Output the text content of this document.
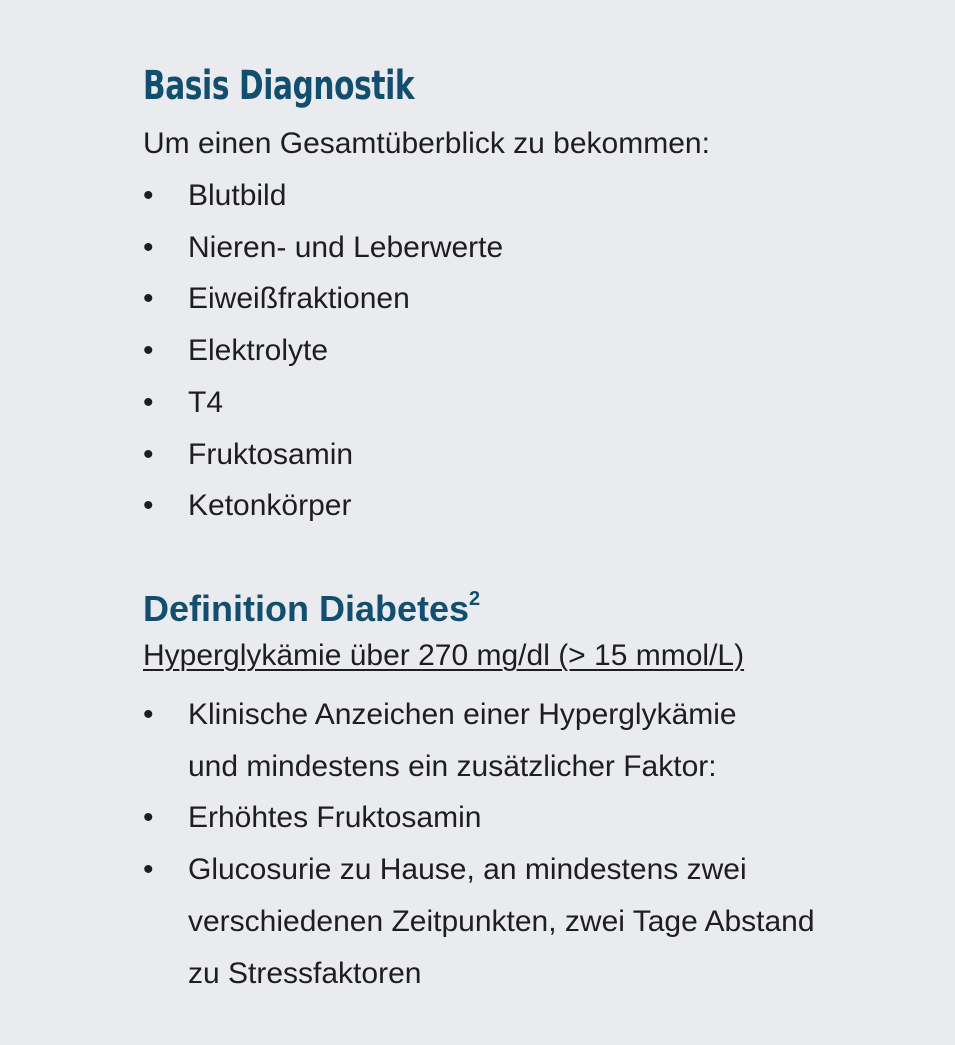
Basis Diagnostik
Um einen Gesamtüberblick zu bekommen:
• Blutbild
• Nieren- und Leberwerte
• Eiweißfraktionen
• Elektrolyte
• T4
• Fruktosamin
• Ketonkörper
Definition Diabetes$^2$
Hyperglykämie über 270 mg/dl (> 15 mmol/L)
• Klinische Anzeichen einer Hyperglykämie
und mindestens ein zusätzlicher Faktor:
• Erhöhtes Fruktosamin
• Glucosurie zu Hause, an mindestens zwei
verschiedenen Zeitpunkten, zwei Tage Abstand
zu Stressfaktoren
